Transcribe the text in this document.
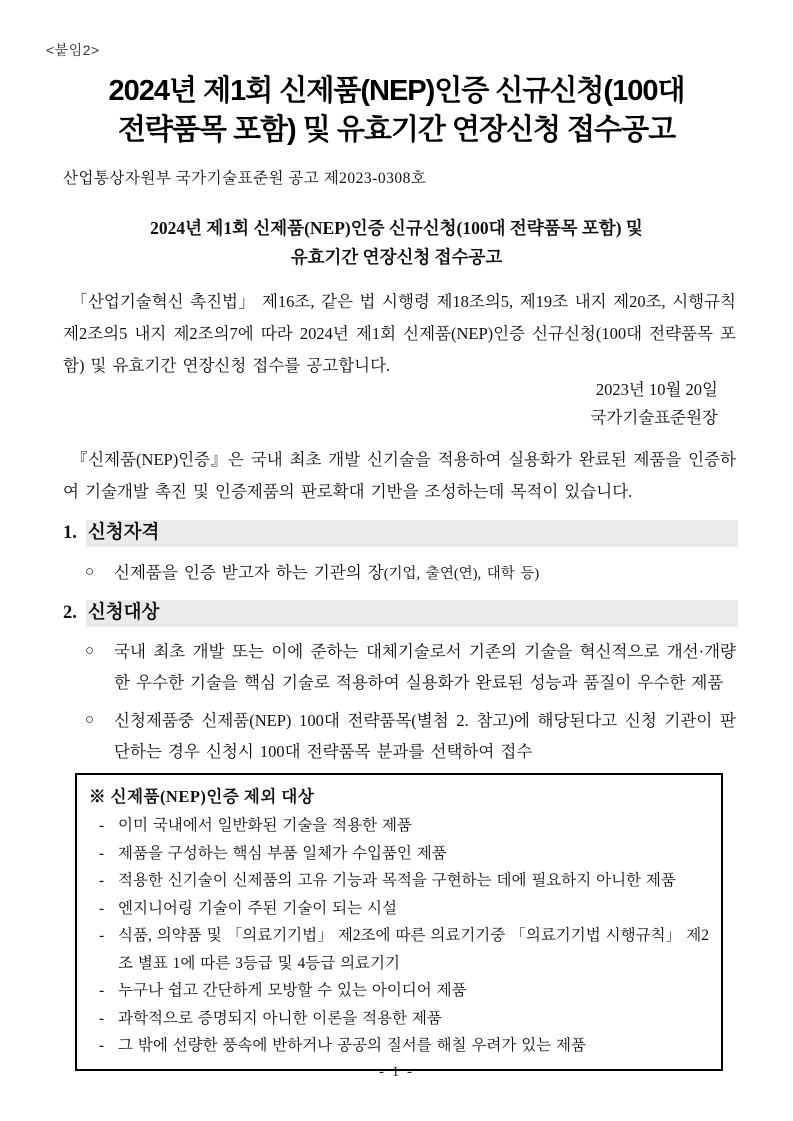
<붙임2>
2024년 제1회 신제품(NEP)인증 신규신청(100대
전략품목 포함) 및 유효기간 연장신청 접수공고
산업통상자원부 국가기술표준원 공고 제2023-0308호
2024년 제1회 신제품(NEP)인증 신규신청(100대 전략품목 포함) 및
유효기간 연장신청 접수공고
「산업기술혁신 촉진법」 제16조, 같은 법 시행령 제18조의5, 제19조 내지 제20조, 시행규칙 제2조의5 내지 제2조의7에 따라 2024년 제1회 신제품(NEP)인증 신규신청(100대 전략품목 포함) 및 유효기간 연장신청 접수를 공고합니다.
2023년 10월 20일
국가기술표준원장
『신제품(NEP)인증』은 국내 최초 개발 신기술을 적용하여 실용화가 완료된 제품을 인증하여 기술개발 촉진 및 인증제품의 판로확대 기반을 조성하는데 목적이 있습니다.
1. 신청자격
○	신제품을 인증 받고자 하는 기관의 장(기업, 출연(연), 대학 등)
2. 신청대상
○	국내 최초 개발 또는 이에 준하는 대체기술로서 기존의 기술을 혁신적으로 개선·개량한 우수한 기술을 핵심 기술로 적용하여 실용화가 완료된 성능과 품질이 우수한 제품
○	신청제품중 신제품(NEP) 100대 전략품목(별첨 2. 참고)에 해당된다고 신청 기관이 판단하는 경우 신청시 100대 전략품목 분과를 선택하여 접수
※ 신제품(NEP)인증 제외 대상
- 이미 국내에서 일반화된 기술을 적용한 제품
- 제품을 구성하는 핵심 부품 일체가 수입품인 제품
- 적용한 신기술이 신제품의 고유 기능과 목적을 구현하는 데에 필요하지 아니한 제품
- 엔지니어링 기술이 주된 기술이 되는 시설
- 식품, 의약품 및 「의료기기법」 제2조에 따른 의료기기중 「의료기기법 시행규칙」 제2조 별표 1에 따른 3등급 및 4등급 의료기기
- 누구나 쉽고 간단하게 모방할 수 있는 아이디어 제품
- 과학적으로 증명되지 아니한 이론을 적용한 제품
- 그 밖에 선량한 풍속에 반하거나 공공의 질서를 해칠 우려가 있는 제품
- 1 -
